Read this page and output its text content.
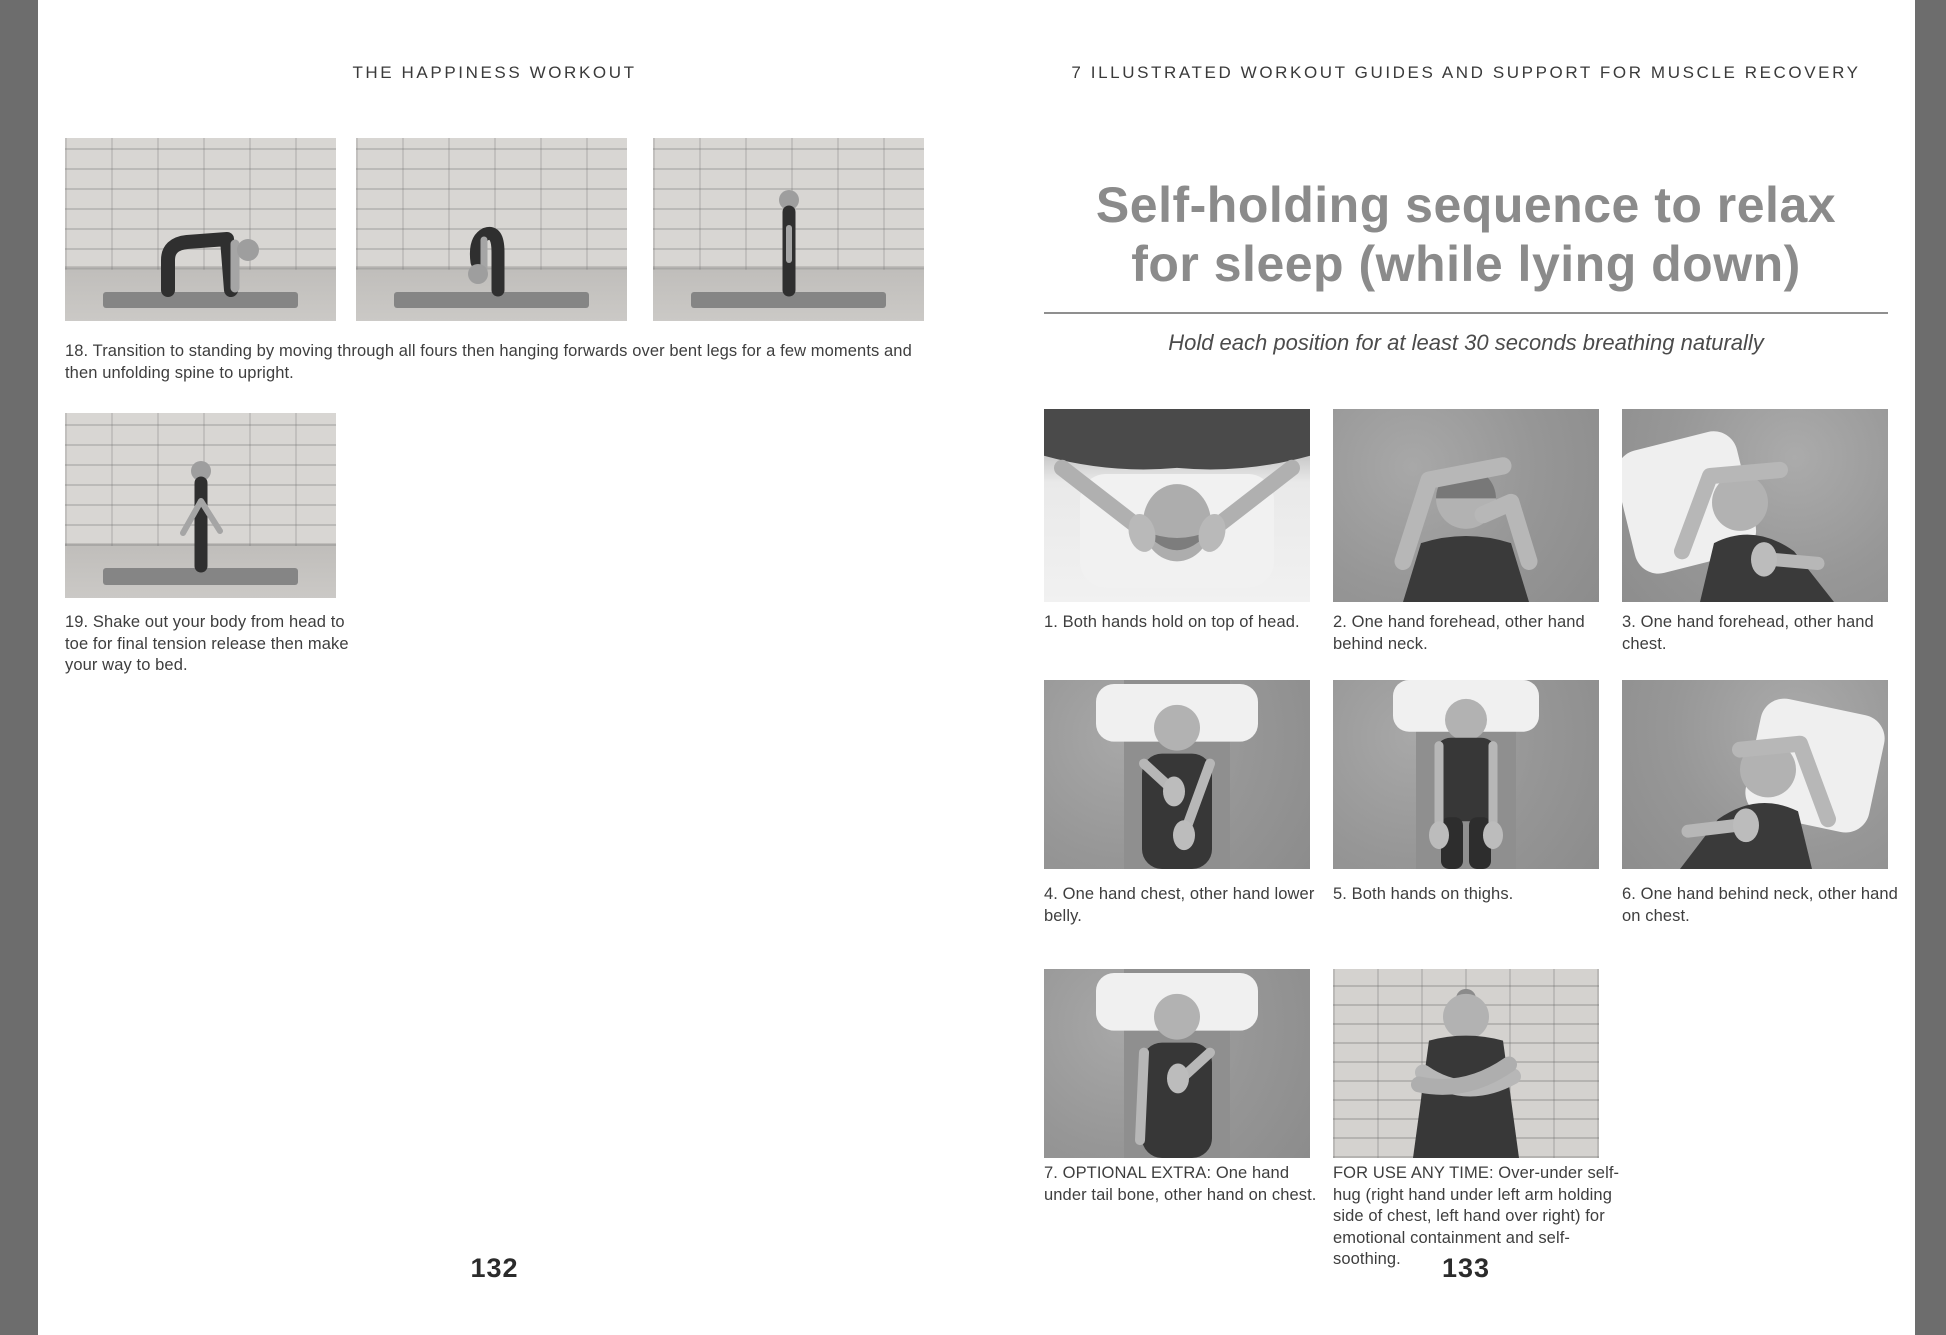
THE HAPPINESS WORKOUT	7 ILLUSTRATED WORKOUT GUIDES AND SUPPORT FOR MUSCLE RECOVERY
18. Transition to standing by moving through all fours then hanging forwards over bent legs for a few moments and then unfolding spine to upright.
19. Shake out your body from head to toe for final tension release then make your way to bed.
132
Self-holding sequence to relax
for sleep (while lying down)
Hold each position for at least 30 seconds breathing naturally
1. Both hands hold on top of head.	2. One hand forehead, other hand behind neck.
3. One hand forehead, other hand chest.
4. One hand chest, other hand lower belly.
5. Both hands on thighs.	6. One hand behind neck, other hand on chest.
7. OPTIONAL EXTRA: One hand under tail bone, other hand on chest.
FOR USE ANY TIME: Over-under self-hug (right hand under left arm holding side of chest, left hand over right) for emotional containment and self-soothing.	133
